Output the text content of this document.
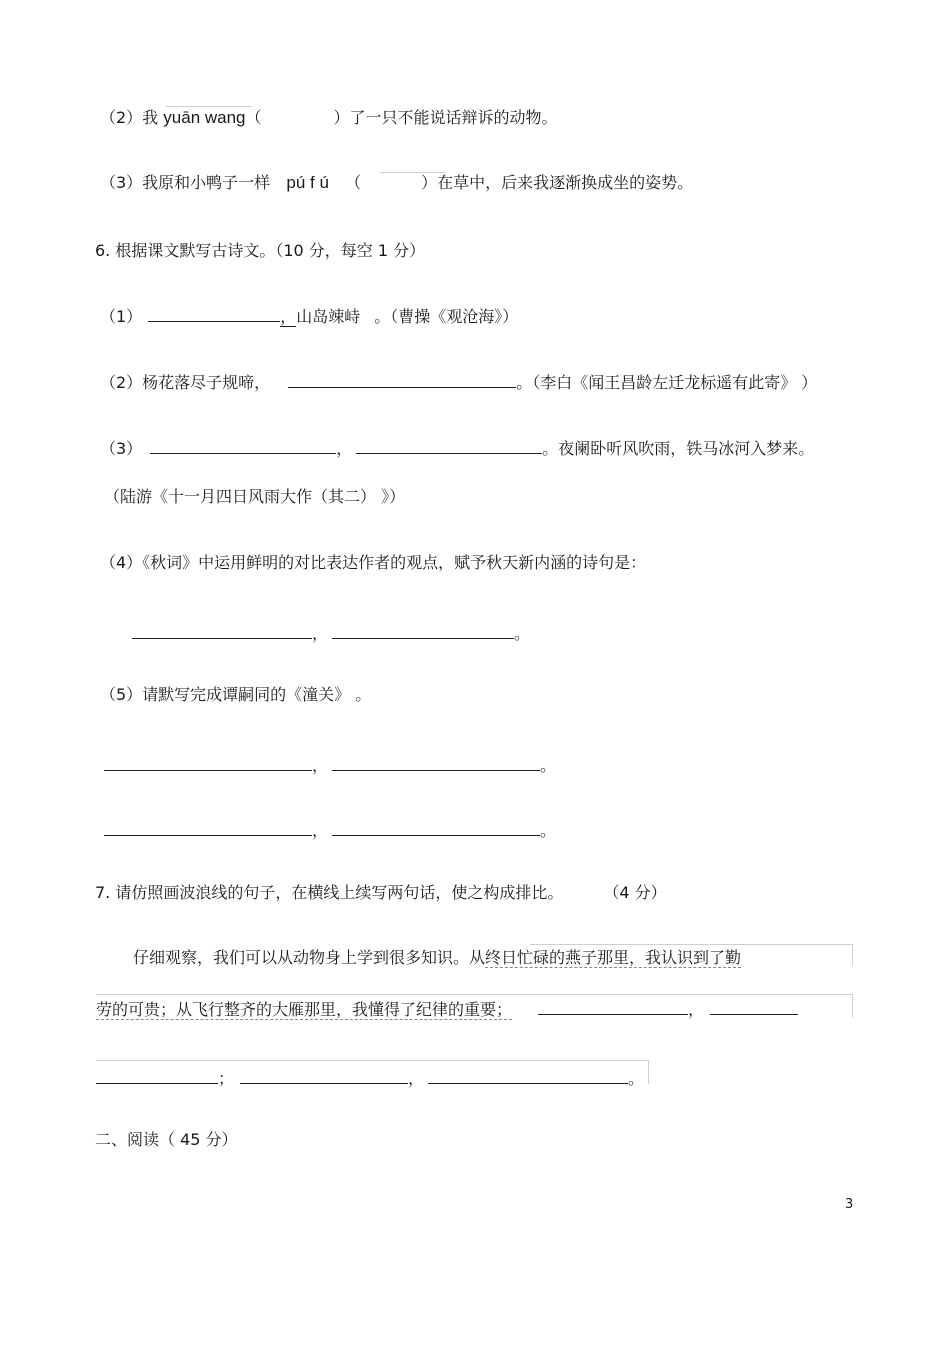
（2）我 yuān wang（	）了一只不能说话辩诉的动物。
（3）我原和小鸭子一样 pú f ú （	）在草中，后来我逐渐换成坐的姿势。
6. 根据课文默写古诗文。（10 分，每空 1 分）
（1）	，山岛竦峙 。（曹操《观沧海》）
（2）杨花落尽子规啼，	。（李白《闻王昌龄左迁龙标遥有此寄》 ）
（3）	，	。夜阑卧听风吹雨，铁马冰河入梦来。
（陆游《十一月四日风雨大作（其二） 》）
（4）《秋词》中运用鲜明的对比表达作者的观点，赋予秋天新内涵的诗句是：
，	。
（5）请默写完成谭嗣同的《潼关》 。
，	。
，	。
7. 请仿照画波浪线的句子，在横线上续写两句话，使之构成排比。	（4 分）
仔细观察，我们可以从动物身上学到很多知识。从终日忙碌的燕子那里，我认识到了勤
劳的可贵；从飞行整齐的大雁那里，我懂得了纪律的重要；	，
；	，	。
二、阅读（ 45 分）
3
